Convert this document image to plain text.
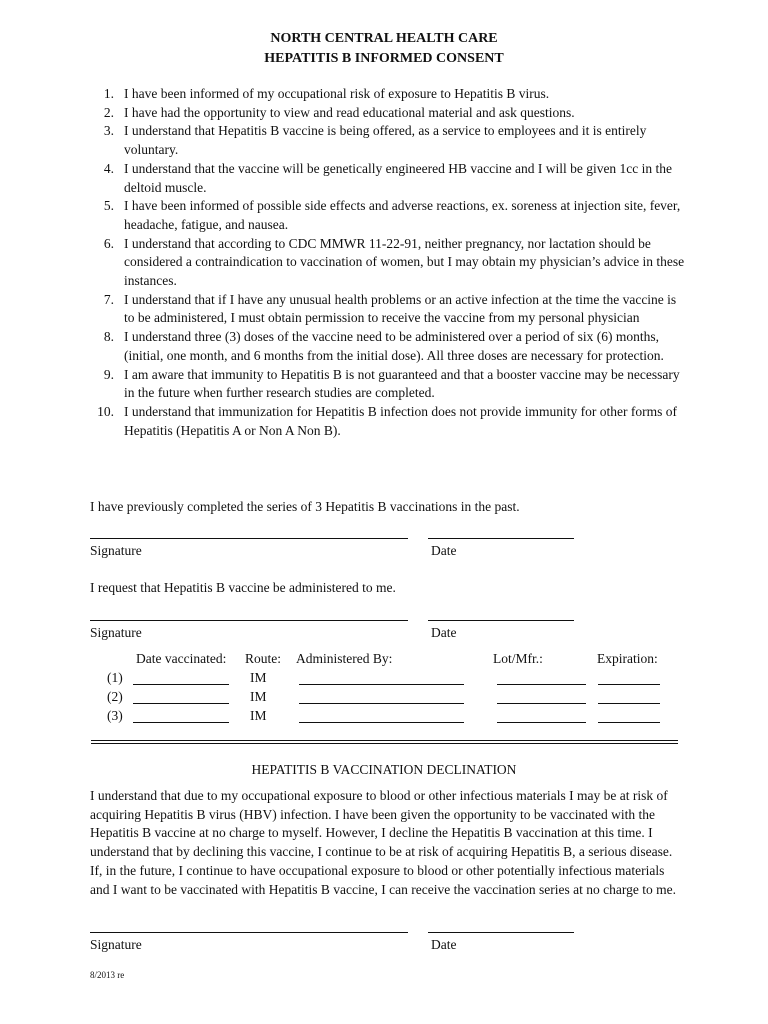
NORTH CENTRAL HEALTH CARE
HEPATITIS B INFORMED CONSENT
1. I have been informed of my occupational risk of exposure to Hepatitis B virus.
2. I have had the opportunity to view and read educational material and ask questions.
3. I understand that Hepatitis B vaccine is being offered, as a service to employees and it is entirely voluntary.
4. I understand that the vaccine will be genetically engineered HB vaccine and I will be given 1cc in the deltoid muscle.
5. I have been informed of possible side effects and adverse reactions, ex. soreness at injection site, fever, headache, fatigue, and nausea.
6. I understand that according to CDC MMWR 11-22-91, neither pregnancy, nor lactation should be considered a contraindication to vaccination of women, but I may obtain my physician’s advice in these instances.
7. I understand that if I have any unusual health problems or an active infection at the time the vaccine is to be administered, I must obtain permission to receive the vaccine from my personal physician
8. I understand three (3) doses of the vaccine need to be administered over a period of six (6) months, (initial, one month, and 6 months from the initial dose). All three doses are necessary for protection.
9. I am aware that immunity to Hepatitis B is not guaranteed and that a booster vaccine may be necessary in the future when further research studies are completed.
10. I understand that immunization for Hepatitis B infection does not provide immunity for other forms of Hepatitis (Hepatitis A or Non A Non B).
I have previously completed the series of 3 Hepatitis B vaccinations in the past.
Signature	Date
I request that Hepatitis B vaccine be administered to me.
Signature	Date
Date vaccinated: Route: Administered By:	Lot/Mfr.:	Expiration:
(1)	IM
(2)	IM
(3)	IM
HEPATITIS B VACCINATION DECLINATION

I understand that due to my occupational exposure to blood or other infectious materials I may be at risk of acquiring Hepatitis B virus (HBV) infection. I have been given the opportunity to be vaccinated with the Hepatitis B vaccine at no charge to myself. However, I decline the Hepatitis B vaccination at this time. I understand that by declining this vaccine, I continue to be at risk of acquiring Hepatitis B, a serious disease. If, in the future, I continue to have occupational exposure to blood or other potentially infectious materials and I want to be vaccinated with Hepatitis B vaccine, I can receive the vaccination series at no charge to me.

Signature	Date
8/2013 re
